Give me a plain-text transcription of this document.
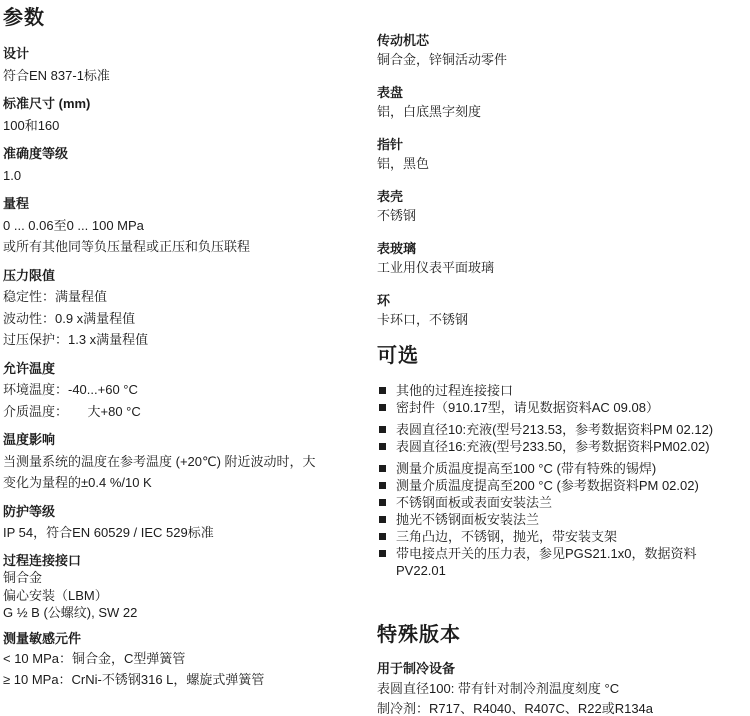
参数
设计
符合EN 837-1标准
标准尺寸 (mm)
100和160
准确度等级
1.0
量程
0 ... 0.06至0 ... 100 MPa
或所有其他同等负压量程或正压和负压联程
压力限值
稳定性：满量程值
波动性：0.9 x满量程值
过压保护：1.3 x满量程值
允许温度
环境温度：-40...+60 °C
介质温度：　　大+80 °C
温度影响
当测量系统的温度在参考温度 (+20℃) 附近波动时，大
变化为量程的±0.4 %/10 K
防护等级
IP 54，符合EN 60529 / IEC 529标准
过程连接接口
铜合金
偏心安装（LBM）
G ½ B (公螺纹), SW 22
测量敏感元件
< 10 MPa：铜合金，C型弹簧管
≥ 10 MPa：CrNi-不锈钢316 L，螺旋式弹簧管
传动机芯
铜合金，锌铜活动零件
表盘
铝，白底黑字刻度
指针
铝，黑色
表壳
不锈钢
表玻璃
工业用仪表平面玻璃
环
卡环口，不锈钢
可选
其他的过程连接接口
密封件（910.17型，请见数据资料AC 09.08）
表圆直径10:充液(型号213.53，参考数据资料PM 02.12)
表圆直径16:充液(型号233.50，参考数据资料PM02.02)
测量介质温度提高至100 °C (带有特殊的锡焊)
测量介质温度提高至200 °C (参考数据资料PM 02.02)
不锈钢面板或表面安装法兰
抛光不锈钢面板安装法兰
三角凸边，不锈钢，抛光，带安装支架
带电接点开关的压力表，参见PGS21.1x0，数据资料PV22.01
特殊版本
用于制冷设备
表圆直径100: 带有针对制冷剂温度刻度 °C
制冷剂：R717、R4040、R407C、R22或R134a
